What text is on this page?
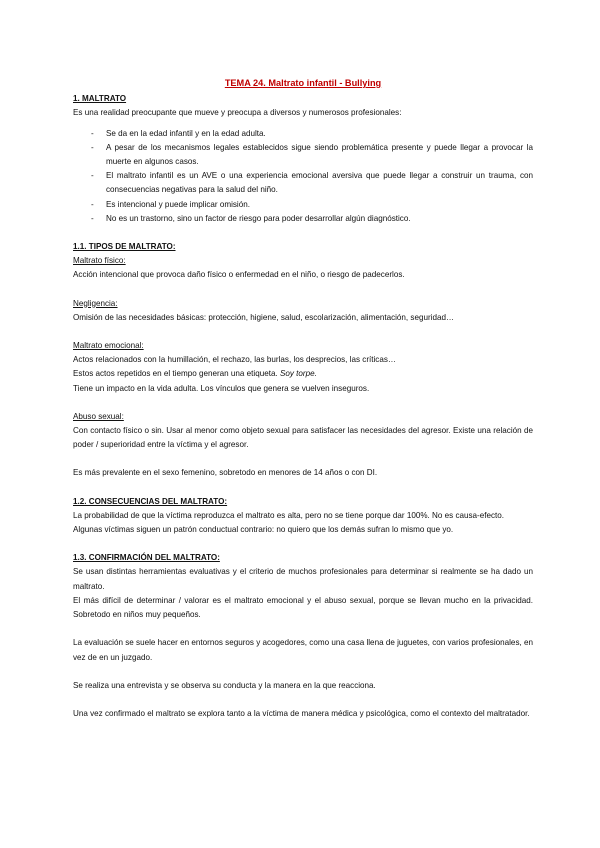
TEMA 24. Maltrato infantil - Bullying

1. MALTRATO

Es una realidad preocupante que mueve y preocupa a diversos y numerosos profesionales:

- Se da en la edad infantil y en la edad adulta.
- A pesar de los mecanismos legales establecidos sigue siendo problemática presente y puede llegar a provocar la muerte en algunos casos.
- El maltrato infantil es un AVE o una experiencia emocional aversiva que puede llegar a construir un trauma, con consecuencias negativas para la salud del niño.
- Es intencional y puede implicar omisión.
- No es un trastorno, sino un factor de riesgo para poder desarrollar algún diagnóstico.

1.1. TIPOS DE MALTRATO:

Maltrato físico:

Acción intencional que provoca daño físico o enfermedad en el niño, o riesgo de padecerlos.

Negligencia:

Omisión de las necesidades básicas: protección, higiene, salud, escolarización, alimentación, seguridad…

Maltrato emocional:

Actos relacionados con la humillación, el rechazo, las burlas, los desprecios, las críticas…

Estos actos repetidos en el tiempo generan una etiqueta. Soy torpe.

Tiene un impacto en la vida adulta. Los vínculos que genera se vuelven inseguros.

Abuso sexual:

Con contacto físico o sin. Usar al menor como objeto sexual para satisfacer las necesidades del agresor. Existe una relación de poder / superioridad entre la víctima y el agresor.

Es más prevalente en el sexo femenino, sobretodo en menores de 14 años o con DI.

1.2. CONSECUENCIAS DEL MALTRATO:

La probabilidad de que la víctima reproduzca el maltrato es alta, pero no se tiene porque dar 100%. No es causa-efecto.

Algunas víctimas siguen un patrón conductual contrario: no quiero que los demás sufran lo mismo que yo.

1.3. CONFIRMACIÓN DEL MALTRATO:

Se usan distintas herramientas evaluativas y el criterio de muchos profesionales para determinar si realmente se ha dado un maltrato.

El más difícil de determinar / valorar es el maltrato emocional y el abuso sexual, porque se llevan mucho en la privacidad. Sobretodo en niños muy pequeños.

La evaluación se suele hacer en entornos seguros y acogedores, como una casa llena de juguetes, con varios profesionales, en vez de en un juzgado.

Se realiza una entrevista y se observa su conducta y la manera en la que reacciona.

Una vez confirmado el maltrato se explora tanto a la víctima de manera médica y psicológica, como el contexto del maltratador.
